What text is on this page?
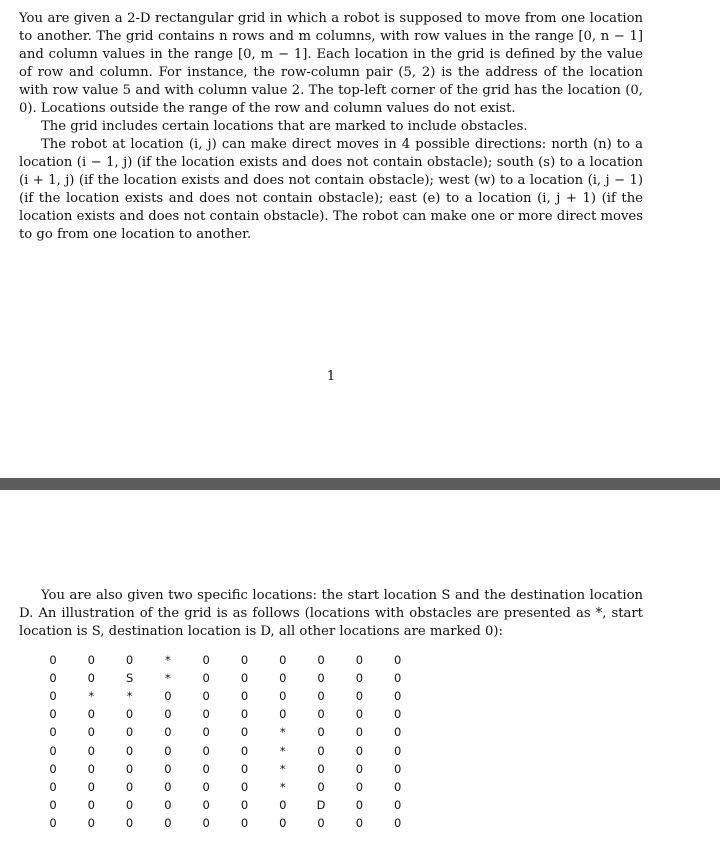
You are given a 2-D rectangular grid in which a robot is supposed to move from one location to another. The grid contains n rows and m columns, with row values in the range [0, n − 1] and column values in the range [0, m − 1]. Each location in the grid is defined by the value of row and column. For instance, the row-column pair (5, 2) is the address of the location with row value 5 and with column value 2. The top-left corner of the grid has the location (0, 0). Locations outside the range of the row and column values do not exist.

The grid includes certain locations that are marked to include obstacles.

The robot at location (i, j) can make direct moves in 4 possible directions: north (n) to a location (i − 1, j) (if the location exists and does not contain obstacle); south (s) to a location (i + 1, j) (if the location exists and does not contain obstacle); west (w) to a location (i, j − 1) (if the location exists and does not contain obstacle); east (e) to a location (i, j + 1) (if the location exists and does not contain obstacle). The robot can make one or more direct moves to go from one location to another.

1

You are also given two specific locations: the start location S and the destination location D. An illustration of the grid is as follows (locations with obstacles are presented as *, start location is S, destination location is D, all other locations are marked 0):

0	0	0	*	0	0	0	0	0	0
0	0	S	*	0	0	0	0	0	0
0	*	*	0	0	0	0	0	0	0
0	0	0	0	0	0	0	0	0	0
0	0	0	0	0	0	*	0	0	0
0	0	0	0	0	0	*	0	0	0
0	0	0	0	0	0	*	0	0	0
0	0	0	0	0	0	*	0	0	0
0	0	0	0	0	0	0	D	0	0
0	0	0	0	0	0	0	0	0	0
